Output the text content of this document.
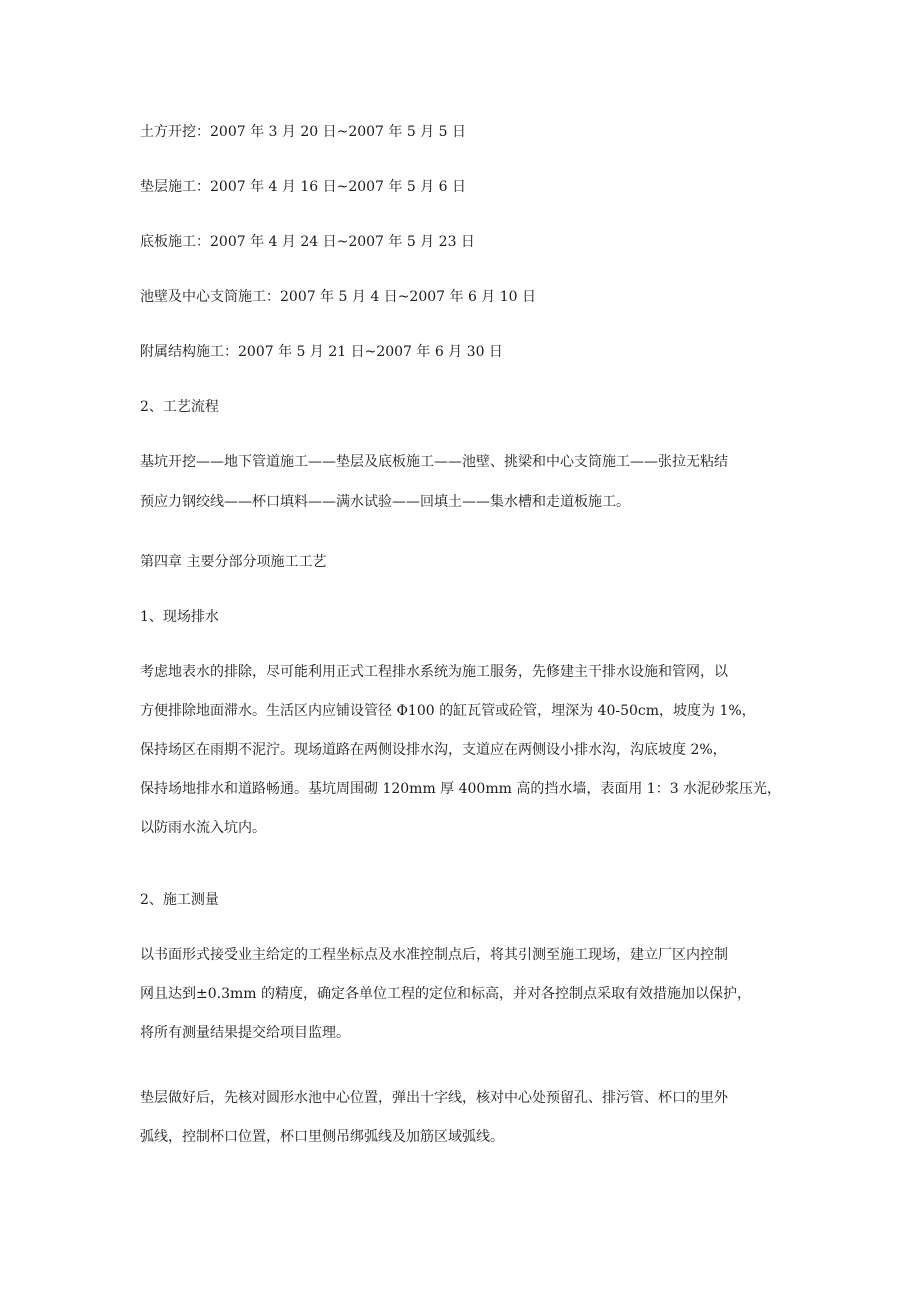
土方开挖：2007 年 3 月 20 日~2007 年 5 月 5 日

垫层施工：2007 年 4 月 16 日~2007 年 5 月 6 日

底板施工：2007 年 4 月 24 日~2007 年 5 月 23 日

池壁及中心支筒施工：2007 年 5 月 4 日~2007 年 6 月 10 日

附属结构施工：2007 年 5 月 21 日~2007 年 6 月 30 日

2、工艺流程

基坑开挖——地下管道施工——垫层及底板施工——池壁、挑梁和中心支筒施工——张拉无粘结
预应力钢绞线——杯口填料——满水试验——回填土——集水槽和走道板施工。

第四章 主要分部分项施工工艺

1、现场排水

考虑地表水的排除，尽可能利用正式工程排水系统为施工服务，先修建主干排水设施和管网，以
方便排除地面滞水。生活区内应铺设管径 Φ100 的缸瓦管或砼管，埋深为 40-50cm，坡度为 1%，
保持场区在雨期不泥泞。现场道路在两侧设排水沟，支道应在两侧设小排水沟，沟底坡度 2%，
保持场地排水和道路畅通。基坑周围砌 120mm 厚 400mm 高的挡水墙，表面用 1：3 水泥砂浆压光，
以防雨水流入坑内。

2、施工测量

以书面形式接受业主给定的工程坐标点及水准控制点后，将其引测至施工现场，建立厂区内控制
网且达到±0.3mm 的精度，确定各单位工程的定位和标高，并对各控制点采取有效措施加以保护，
将所有测量结果提交给项目监理。
垫层做好后，先核对圆形水池中心位置，弹出十字线，核对中心处预留孔、排污管、杯口的里外
弧线，控制杯口位置，杯口里侧吊绑弧线及加筋区域弧线。
